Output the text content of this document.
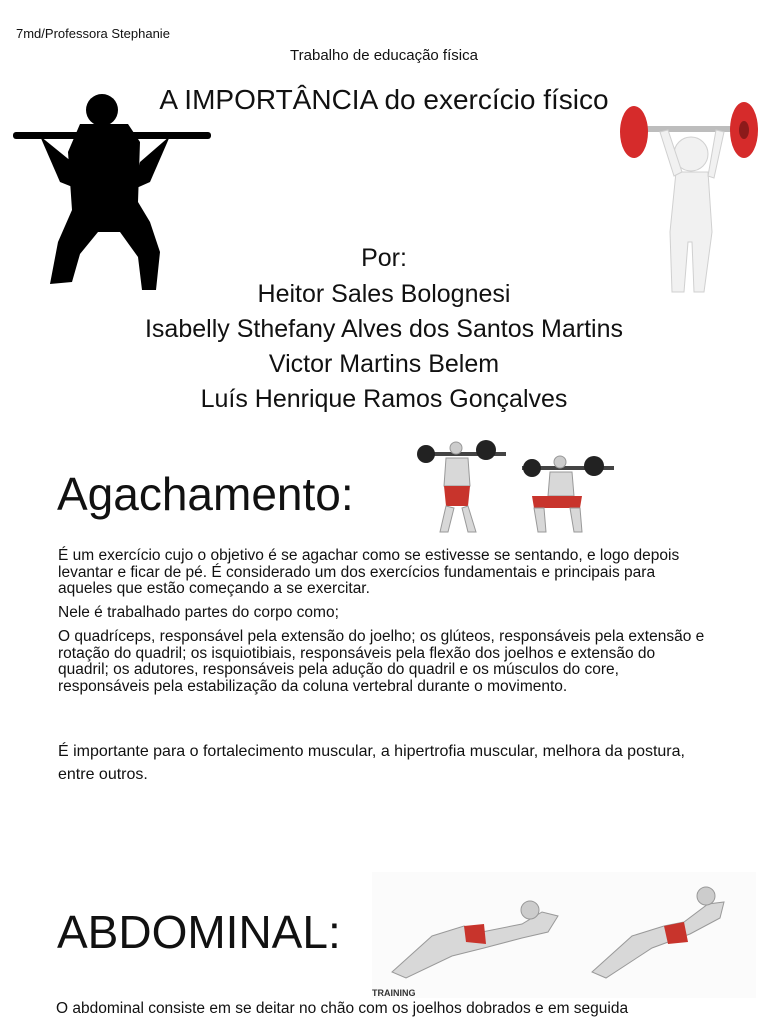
7md/Professora Stephanie
Trabalho de educação física
A IMPORTÂNCIA do exercício físico
Por:
Heitor Sales Bolognesi
Isabelly Sthefany Alves dos Santos Martins
Victor Martins Belem
Luís Henrique Ramos Gonçalves
Agachamento:
É um exercício cujo o objetivo é se agachar como se estivesse se sentando, e logo depois levantar e ficar de pé. É considerado um dos exercícios fundamentais e principais para aqueles que estão começando a se exercitar.
Nele é trabalhado partes do corpo como;
O quadríceps, responsável pela extensão do joelho; os glúteos, responsáveis pela extensão e rotação do quadril; os isquiotibiais, responsáveis pela flexão dos joelhos e extensão do quadril; os adutores, responsáveis pela adução do quadril e os músculos do core, responsáveis pela estabilização da coluna vertebral durante o movimento.
É importante para o fortalecimento muscular, a hipertrofia muscular, melhora da postura, entre outros.
ABDOMINAL:
TRAINING
O abdominal consiste em se deitar no chão com os joelhos dobrados e em seguida
